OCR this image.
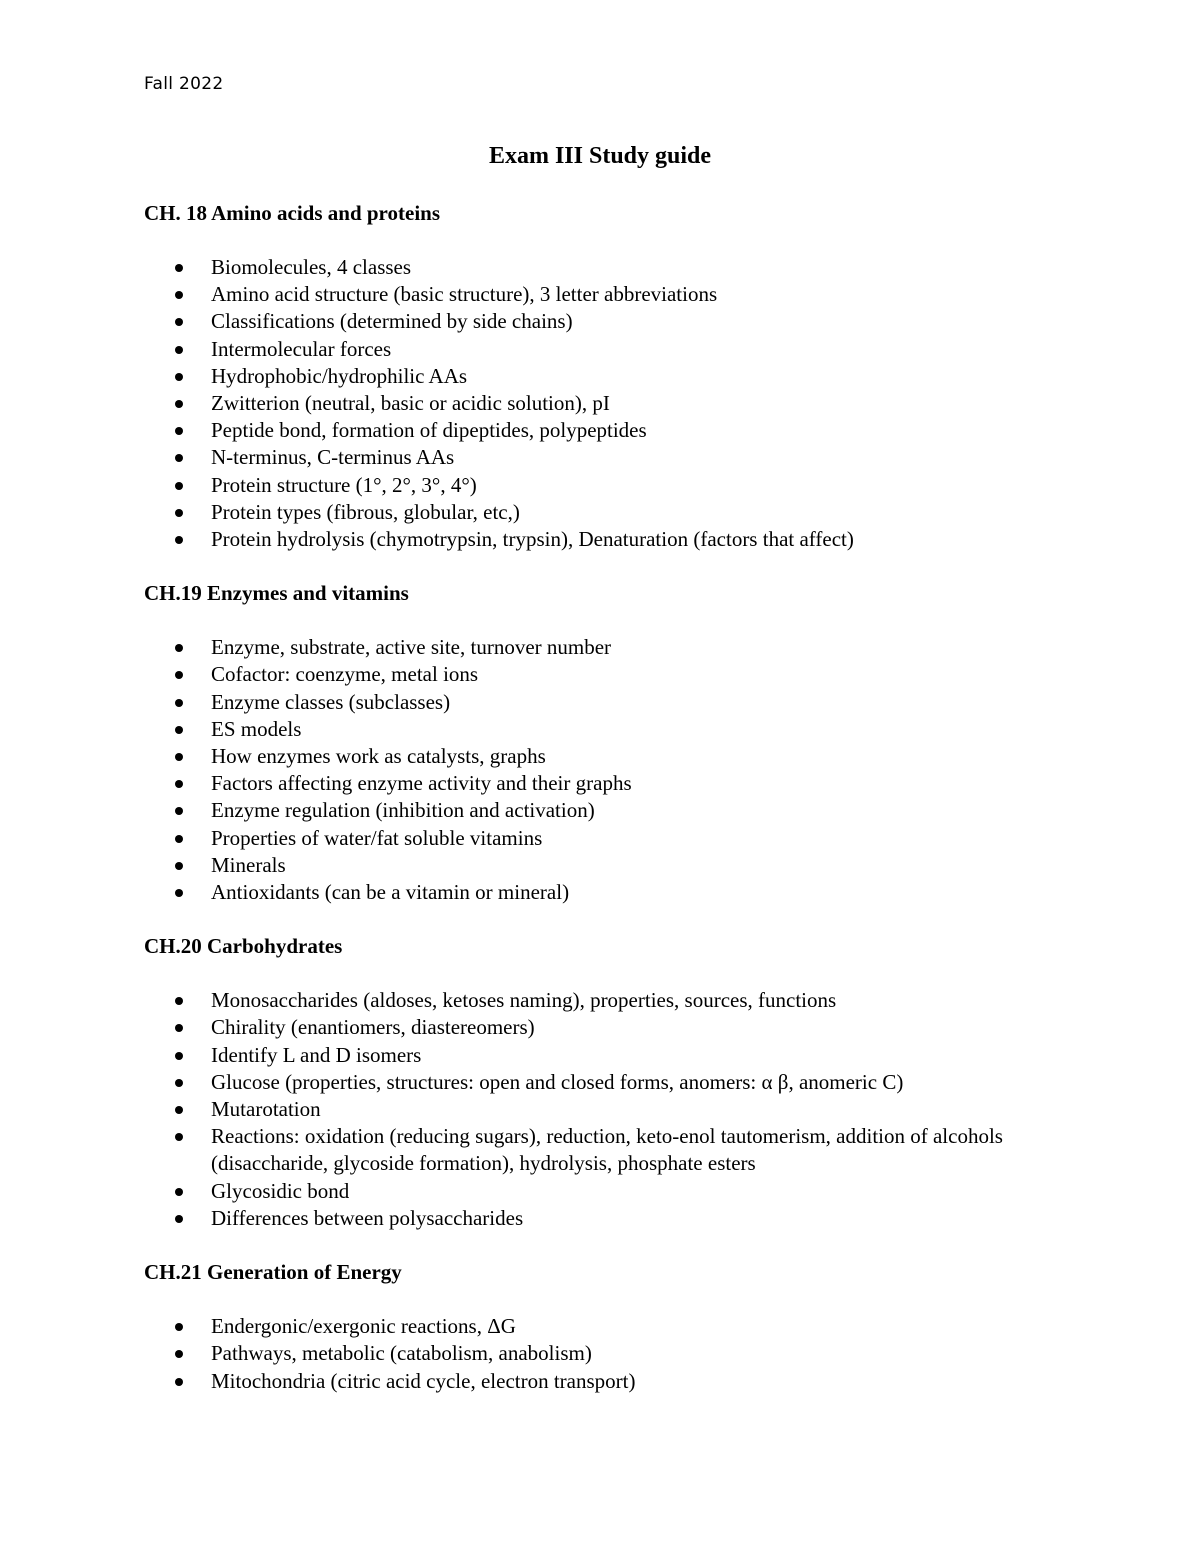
Fall 2022
Exam III Study guide
CH. 18 Amino acids and proteins
Biomolecules, 4 classes
Amino acid structure (basic structure), 3 letter abbreviations
Classifications (determined by side chains)
Intermolecular forces
Hydrophobic/hydrophilic AAs
Zwitterion (neutral, basic or acidic solution), pI
Peptide bond, formation of dipeptides, polypeptides
N-terminus, C-terminus AAs
Protein structure (1°, 2°, 3°, 4°)
Protein types (fibrous, globular, etc,)
Protein hydrolysis (chymotrypsin, trypsin), Denaturation (factors that affect)
CH.19 Enzymes and vitamins
Enzyme, substrate, active site, turnover number
Cofactor: coenzyme, metal ions
Enzyme classes (subclasses)
ES models
How enzymes work as catalysts, graphs
Factors affecting enzyme activity and their graphs
Enzyme regulation (inhibition and activation)
Properties of water/fat soluble vitamins
Minerals
Antioxidants (can be a vitamin or mineral)
CH.20 Carbohydrates
Monosaccharides (aldoses, ketoses naming), properties, sources, functions
Chirality (enantiomers, diastereomers)
Identify L and D isomers
Glucose (properties, structures: open and closed forms, anomers: α β, anomeric C)
Mutarotation
Reactions: oxidation (reducing sugars), reduction, keto-enol tautomerism, addition of alcohols (disaccharide, glycoside formation), hydrolysis, phosphate esters
Glycosidic bond
Differences between polysaccharides
CH.21 Generation of Energy
Endergonic/exergonic reactions, ΔG
Pathways, metabolic (catabolism, anabolism)
Mitochondria (citric acid cycle, electron transport)
